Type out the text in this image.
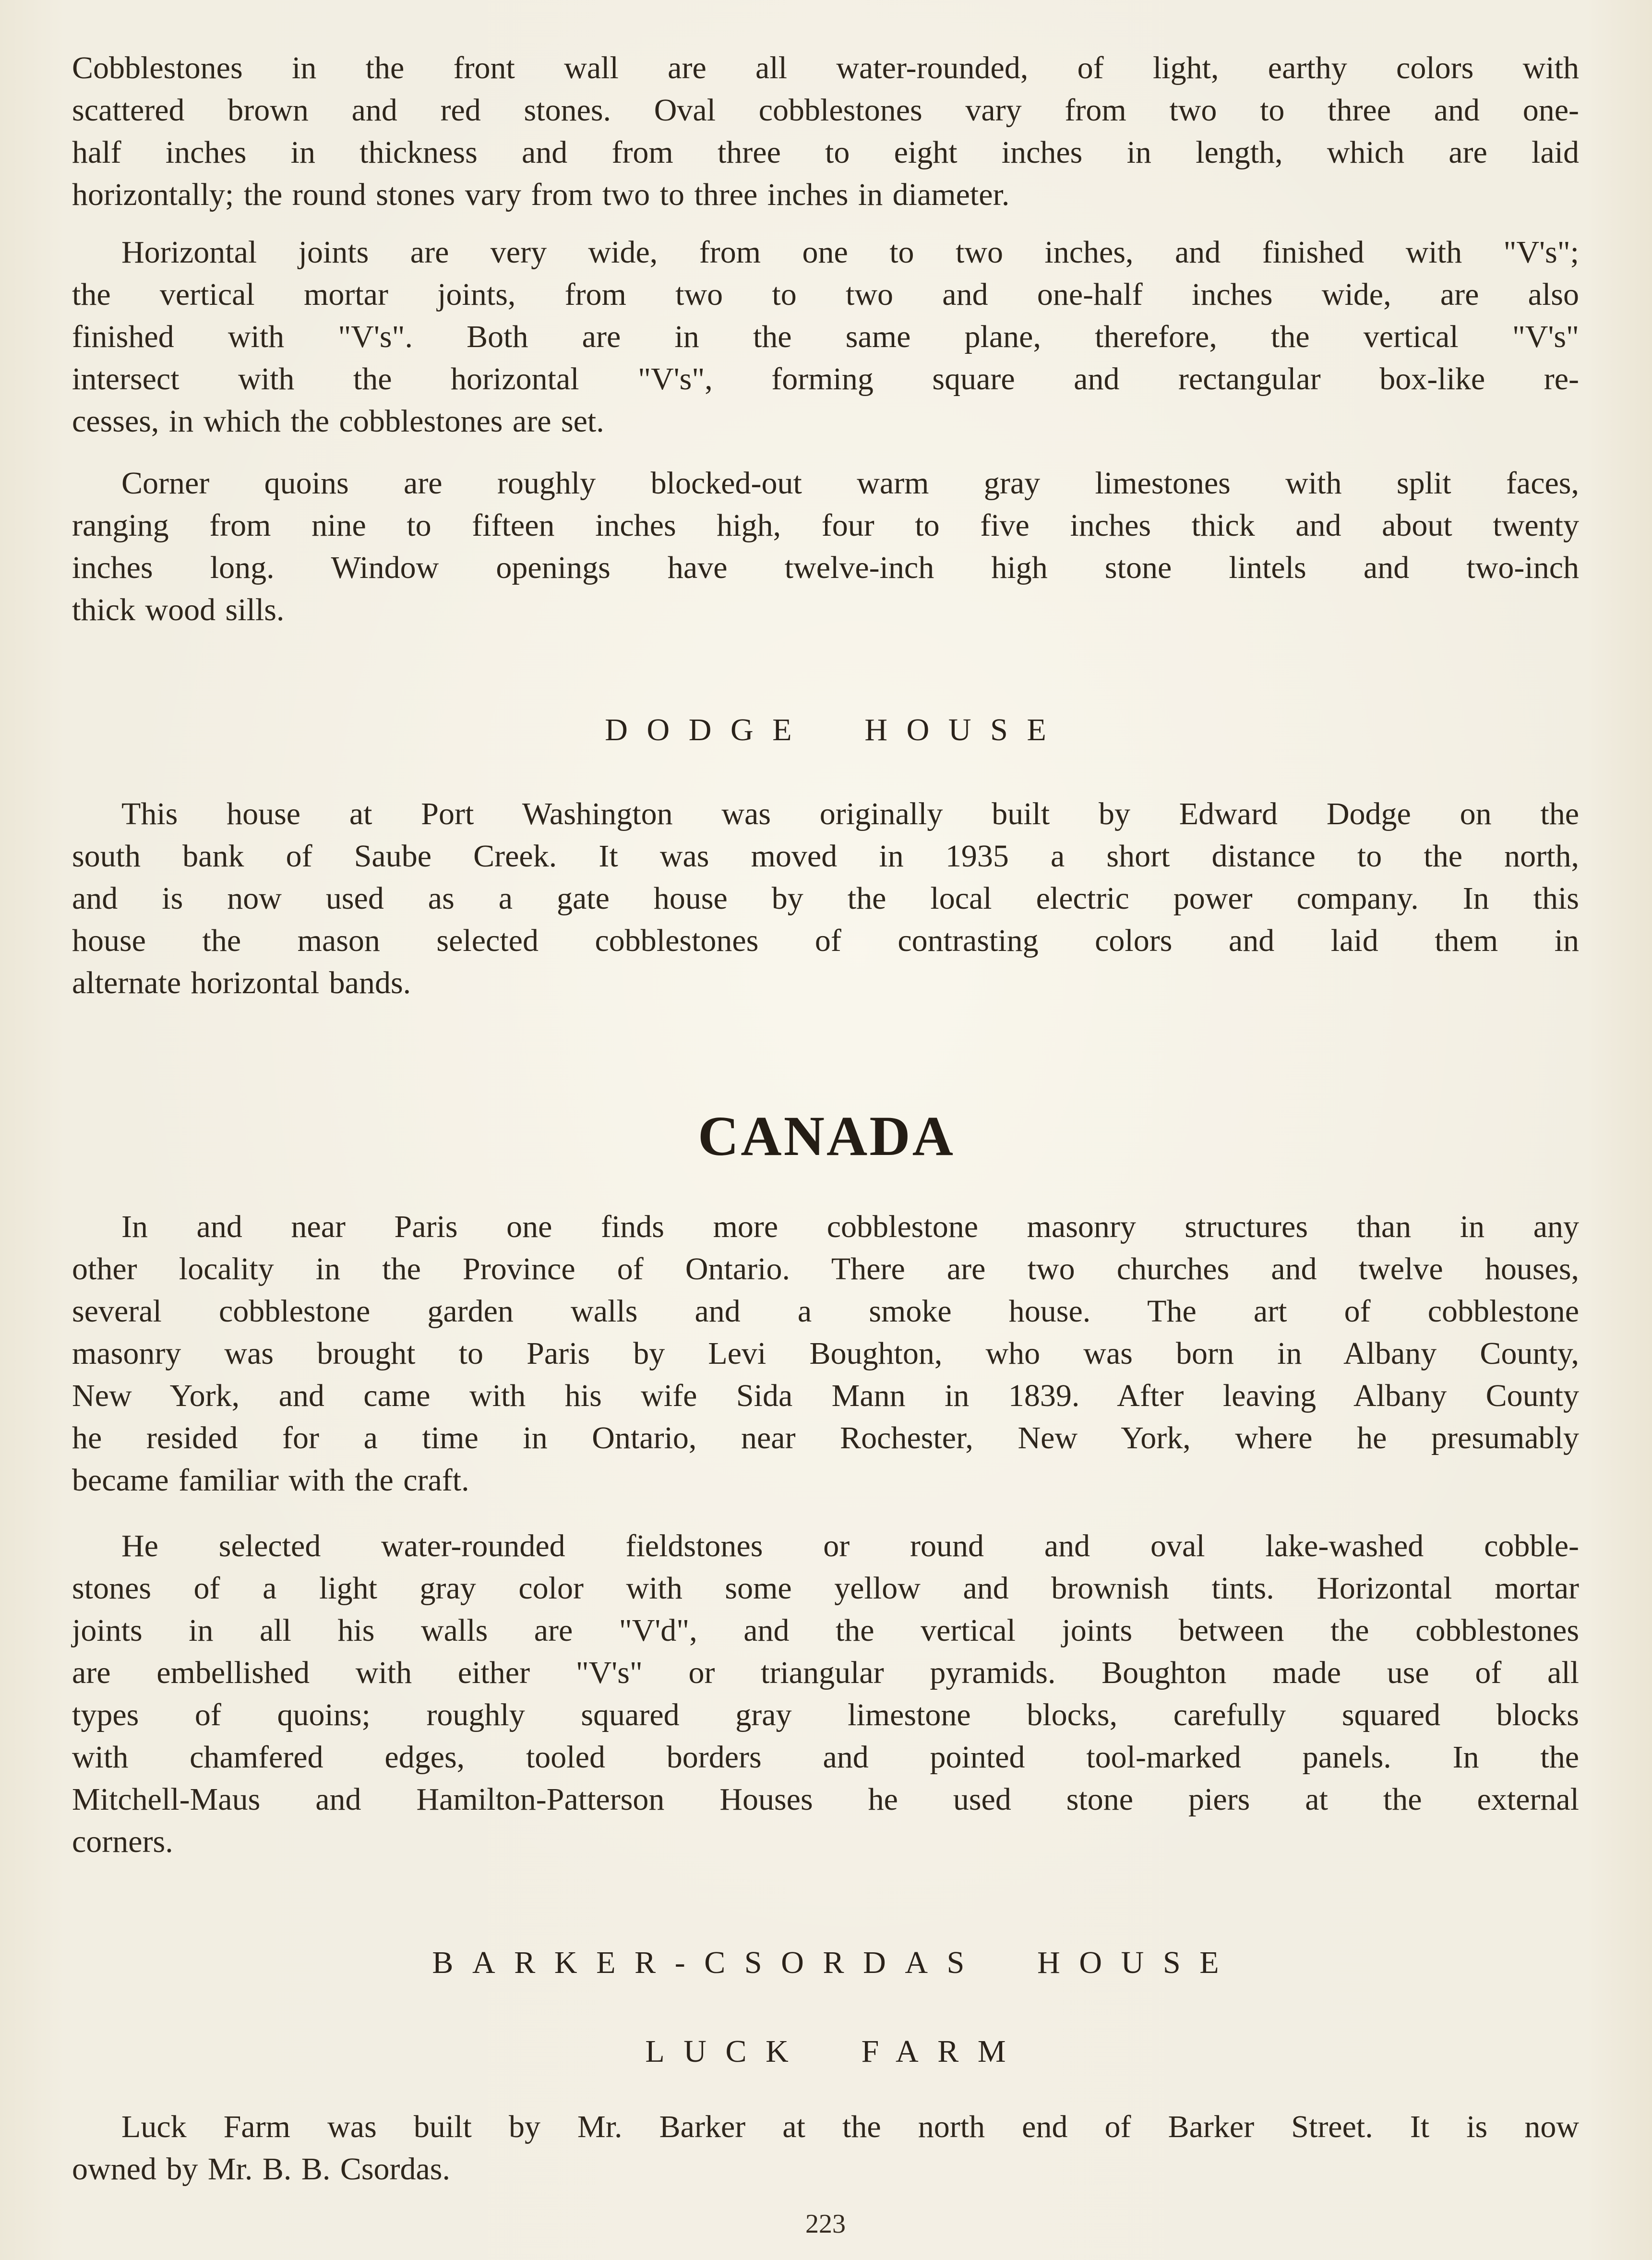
Cobblestones in the front wall are all water-rounded, of light, earthy colors with
scattered brown and red stones. Oval cobblestones vary from two to three and one-
half inches in thickness and from three to eight inches in length, which are laid
horizontally; the round stones vary from two to three inches in diameter.
Horizontal joints are very wide, from one to two inches, and finished with "V's";
the vertical mortar joints, from two to two and one-half inches wide, are also
finished with "V's". Both are in the same plane, therefore, the vertical "V's"
intersect with the horizontal "V's", forming square and rectangular box-like re-
cesses, in which the cobblestones are set.
Corner quoins are roughly blocked-out warm gray limestones with split faces,
ranging from nine to fifteen inches high, four to five inches thick and about twenty
inches long. Window openings have twelve-inch high stone lintels and two-inch
thick wood sills.
DODGE HOUSE
This house at Port Washington was originally built by Edward Dodge on the
south bank of Saube Creek. It was moved in 1935 a short distance to the north,
and is now used as a gate house by the local electric power company. In this
house the mason selected cobblestones of contrasting colors and laid them in
alternate horizontal bands.
CANADA
In and near Paris one finds more cobblestone masonry structures than in any
other locality in the Province of Ontario. There are two churches and twelve houses,
several cobblestone garden walls and a smoke house. The art of cobblestone
masonry was brought to Paris by Levi Boughton, who was born in Albany County,
New York, and came with his wife Sida Mann in 1839. After leaving Albany County
he resided for a time in Ontario, near Rochester, New York, where he presumably
became familiar with the craft.
He selected water-rounded fieldstones or round and oval lake-washed cobble-
stones of a light gray color with some yellow and brownish tints. Horizontal mortar
joints in all his walls are "V'd", and the vertical joints between the cobblestones
are embellished with either "V's" or triangular pyramids. Boughton made use of all
types of quoins; roughly squared gray limestone blocks, carefully squared blocks
with chamfered edges, tooled borders and pointed tool-marked panels. In the
Mitchell-Maus and Hamilton-Patterson Houses he used stone piers at the external
corners.
BARKER-CSORDAS HOUSE
LUCK FARM
Luck Farm was built by Mr. Barker at the north end of Barker Street. It is now
owned by Mr. B. B. Csordas.
223
